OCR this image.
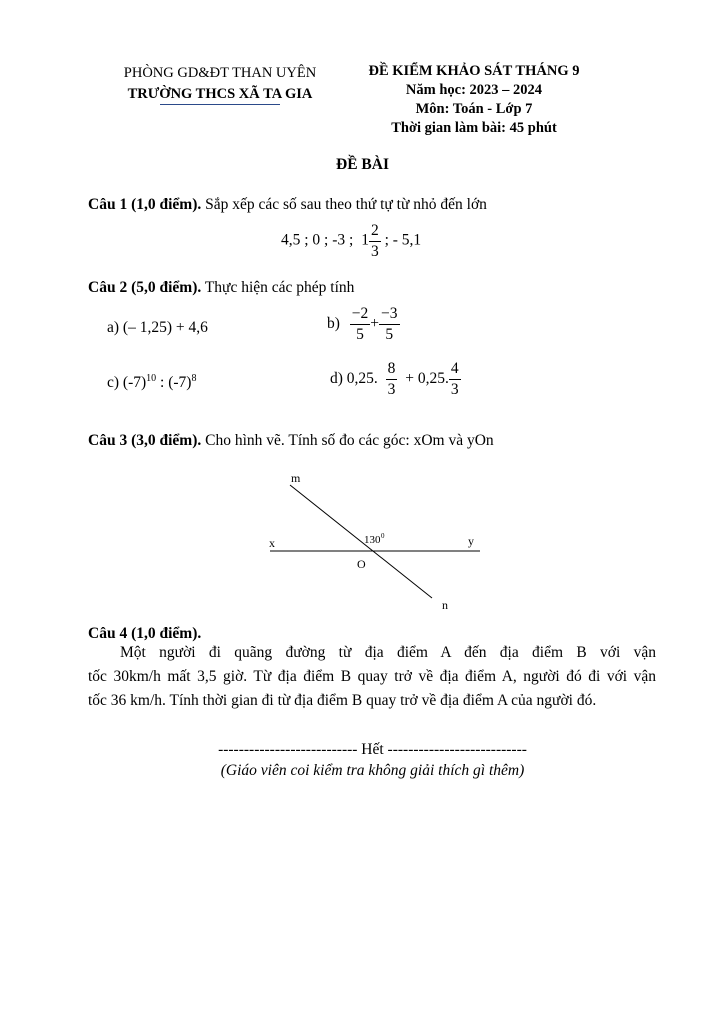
PHÒNG GD&ĐT THAN UYÊN
TRƯỜNG THCS XÃ TA GIA
ĐỀ KIỂM KHẢO SÁT THÁNG 9
Năm học: 2023 – 2024
Môn: Toán - Lớp 7
Thời gian làm bài: 45 phút
ĐỀ BÀI
Câu 1 (1,0 điểm). Sắp xếp các số sau theo thứ tự từ nhỏ đến lớn
4,5 ; 0 ; -3 ; $1 \frac{2}{3}$ ; - 5,1
Câu 2 (5,0 điểm). Thực hiện các phép tính
a) (– 1,25) + 4,6	$b) \frac{-2}{5} + \frac{-3}{5}$
c) $(-7)^{10}$ : $(-7)^8$	d) 0,25. $\frac{8}{3} + 0,25$. $\frac{4}{3}$
Câu 3 (3,0 điểm). Cho hình vẽ. Tính số đo các góc: xOm và yOn
m
x	y
O
n
130 0
Câu 4 (1,0 điểm).
Một người đi quãng đường từ địa điểm A đến địa điểm B với vận
tốc 30km/h mất 3,5 giờ. Từ địa điểm B quay trở về địa điểm A, người đó đi với vận
tốc 36 km/h. Tính thời gian đi từ địa điểm B quay trở về địa điểm A của người đó.
--------------------------- Hết ---------------------------
(Giáo viên coi kiểm tra không giải thích gì thêm)
